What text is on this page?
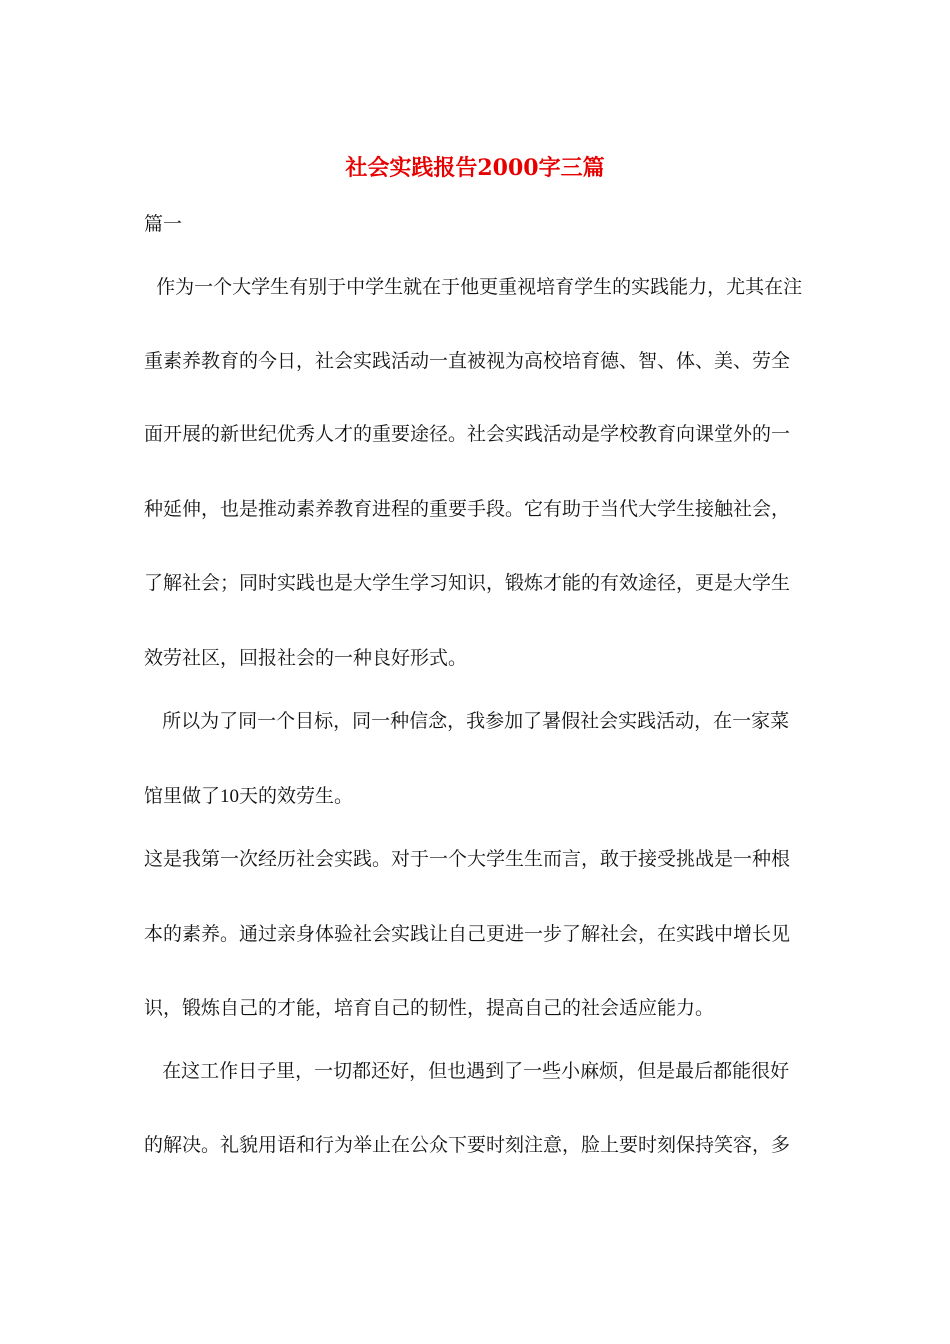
社会实践报告2000字三篇

篇一

作为一个大学生有别于中学生就在于他更重视培育学生的实践能力，尤其在注

重素养教育的今日，社会实践活动一直被视为高校培育德、智、体、美、劳全

面开展的新世纪优秀人才的重要途径。社会实践活动是学校教育向课堂外的一

种延伸，也是推动素养教育进程的重要手段。它有助于当代大学生接触社会，

了解社会；同时实践也是大学生学习知识，锻炼才能的有效途径，更是大学生

效劳社区，回报社会的一种良好形式。

所以为了同一个目标，同一种信念，我参加了暑假社会实践活动，在一家菜

馆里做了10天的效劳生。

这是我第一次经历社会实践。对于一个大学生生而言，敢于接受挑战是一种根

本的素养。通过亲身体验社会实践让自己更进一步了解社会，在实践中增长见

识，锻炼自己的才能，培育自己的韧性，提高自己的社会适应能力。

在这工作日子里，一切都还好，但也遇到了一些小麻烦，但是最后都能很好

的解决。礼貌用语和行为举止在公众下要时刻注意，脸上要时刻保持笑容，多
